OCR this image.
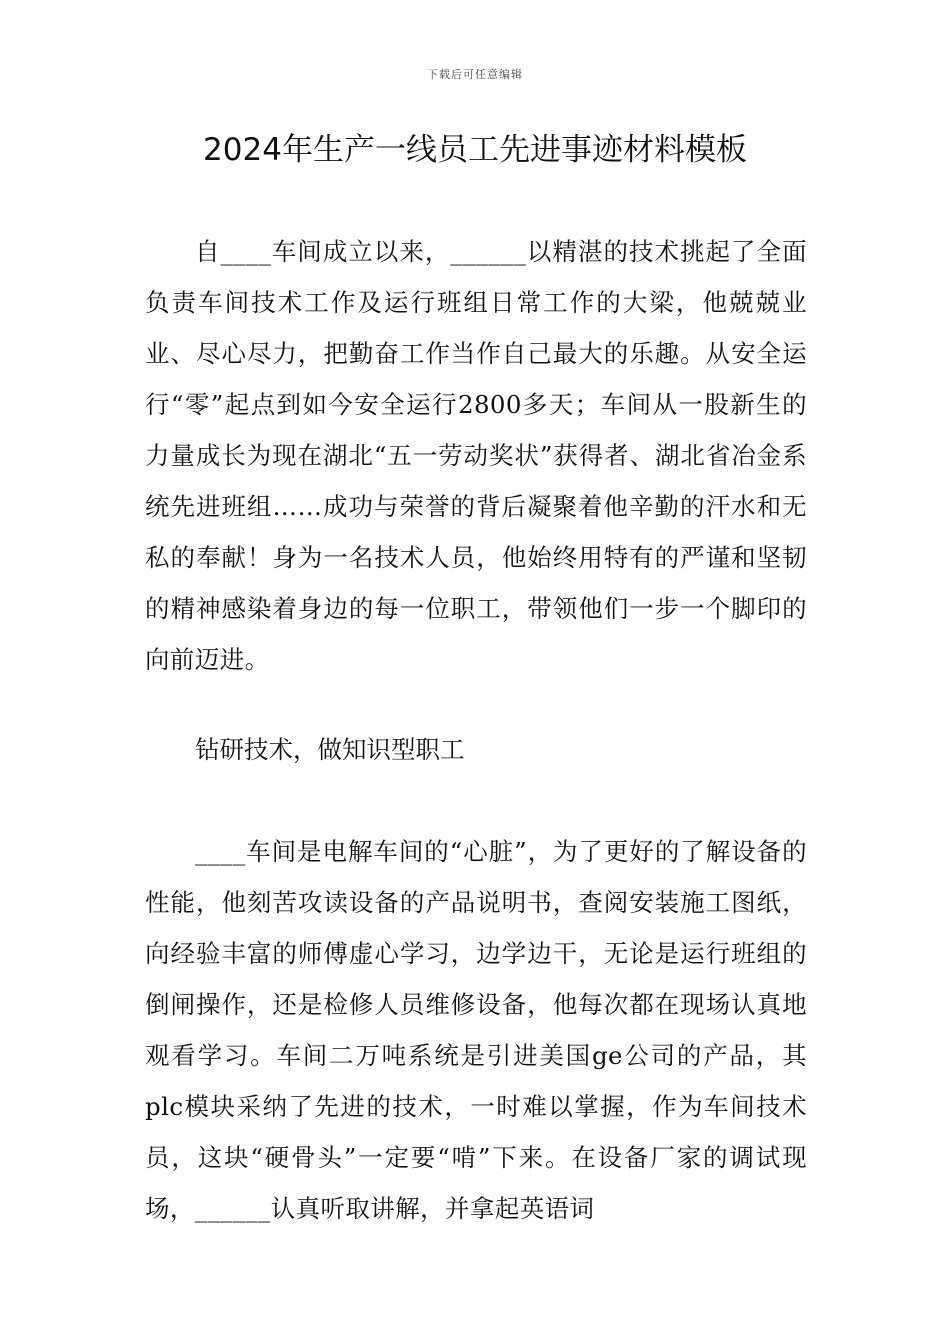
下载后可任意编辑
2024年生产一线员工先进事迹材料模板

自____车间成立以来，______以精湛的技术挑起了全面负责车间技术工作及运行班组日常工作的大梁，他兢兢业业、尽心尽力，把勤奋工作当作自己最大的乐趣。从安全运行“零”起点到如今安全运行2800多天；车间从一股新生的力量成长为现在湖北“五一劳动奖状”获得者、湖北省冶金系统先进班组……成功与荣誉的背后凝聚着他辛勤的汗水和无私的奉献！身为一名技术人员，他始终用特有的严谨和坚韧的精神感染着身边的每一位职工，带领他们一步一个脚印的向前迈进。

钻研技术，做知识型职工

____车间是电解车间的“心脏”，为了更好的了解设备的性能，他刻苦攻读设备的产品说明书，查阅安装施工图纸，向经验丰富的师傅虚心学习，边学边干，无论是运行班组的倒闸操作，还是检修人员维修设备，他每次都在现场认真地观看学习。车间二万吨系统是引进美国ge公司的产品，其plc模块采纳了先进的技术，一时难以掌握，作为车间技术员，这块“硬骨头”一定要“啃”下来。在设备厂家的调试现场，______认真听取讲解，并拿起英语词
